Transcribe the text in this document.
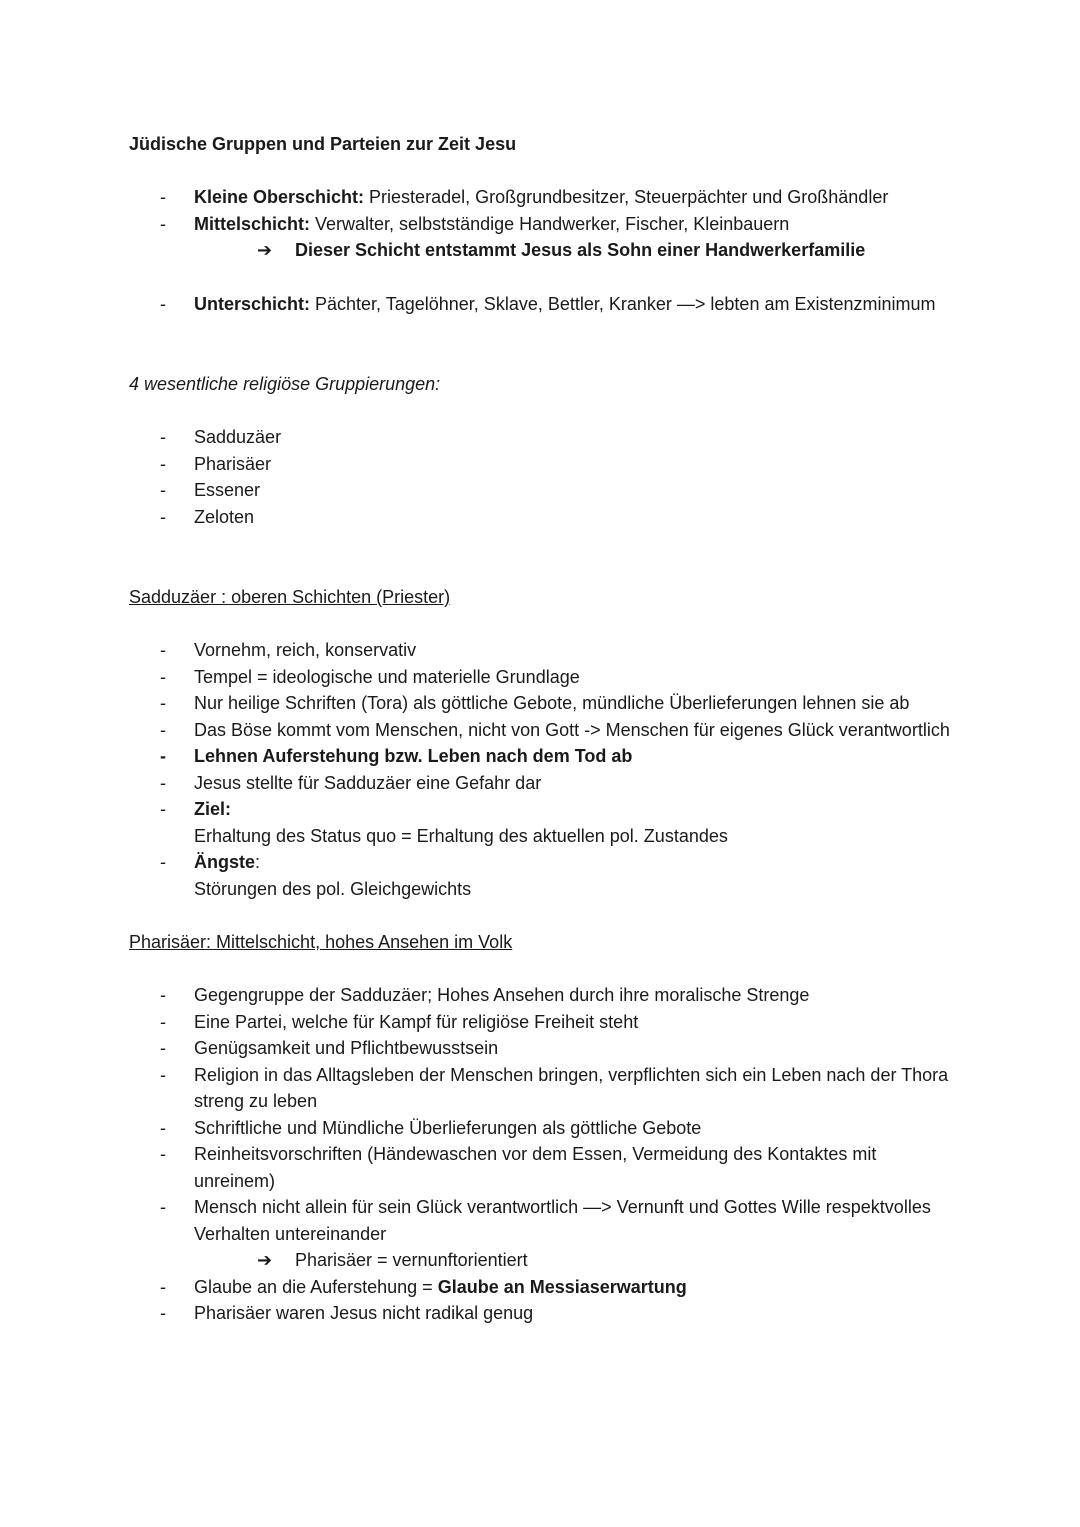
Jüdische Gruppen und Parteien zur Zeit Jesu

- Kleine Oberschicht: Priesteradel, Großgrundbesitzer, Steuerpächter und Großhändler
- Mittelschicht: Verwalter, selbstständige Handwerker, Fischer, Kleinbauern
➔ Dieser Schicht entstammt Jesus als Sohn einer Handwerkerfamilie
- Unterschicht: Pächter, Tagelöhner, Sklave, Bettler, Kranker —> lebten am Existenzminimum

4 wesentliche religiöse Gruppierungen:

- Sadduzäer
- Pharisäer
- Essener
- Zeloten

Sadduzäer : oberen Schichten (Priester)

- Vornehm, reich, konservativ
- Tempel = ideologische und materielle Grundlage
- Nur heilige Schriften (Tora) als göttliche Gebote, mündliche Überlieferungen lehnen sie ab
- Das Böse kommt vom Menschen, nicht von Gott -> Menschen für eigenes Glück verantwortlich
- Lehnen Auferstehung bzw. Leben nach dem Tod ab
- Jesus stellte für Sadduzäer eine Gefahr dar
- Ziel:
Erhaltung des Status quo = Erhaltung des aktuellen pol. Zustandes
- Ängste:
Störungen des pol. Gleichgewichts

Pharisäer: Mittelschicht, hohes Ansehen im Volk

- Gegengruppe der Sadduzäer; Hohes Ansehen durch ihre moralische Strenge
- Eine Partei, welche für Kampf für religiöse Freiheit steht
- Genügsamkeit und Pflichtbewusstsein
- Religion in das Alltagsleben der Menschen bringen, verpflichten sich ein Leben nach der Thora streng zu leben
- Schriftliche und Mündliche Überlieferungen als göttliche Gebote
- Reinheitsvorschriften (Händewaschen vor dem Essen, Vermeidung des Kontaktes mit unreinem)
- Mensch nicht allein für sein Glück verantwortlich —> Vernunft und Gottes Wille respektvolles Verhalten untereinander
➔ Pharisäer = vernunftorientiert
- Glaube an die Auferstehung = Glaube an Messiaserwartung
- Pharisäer waren Jesus nicht radikal genug
